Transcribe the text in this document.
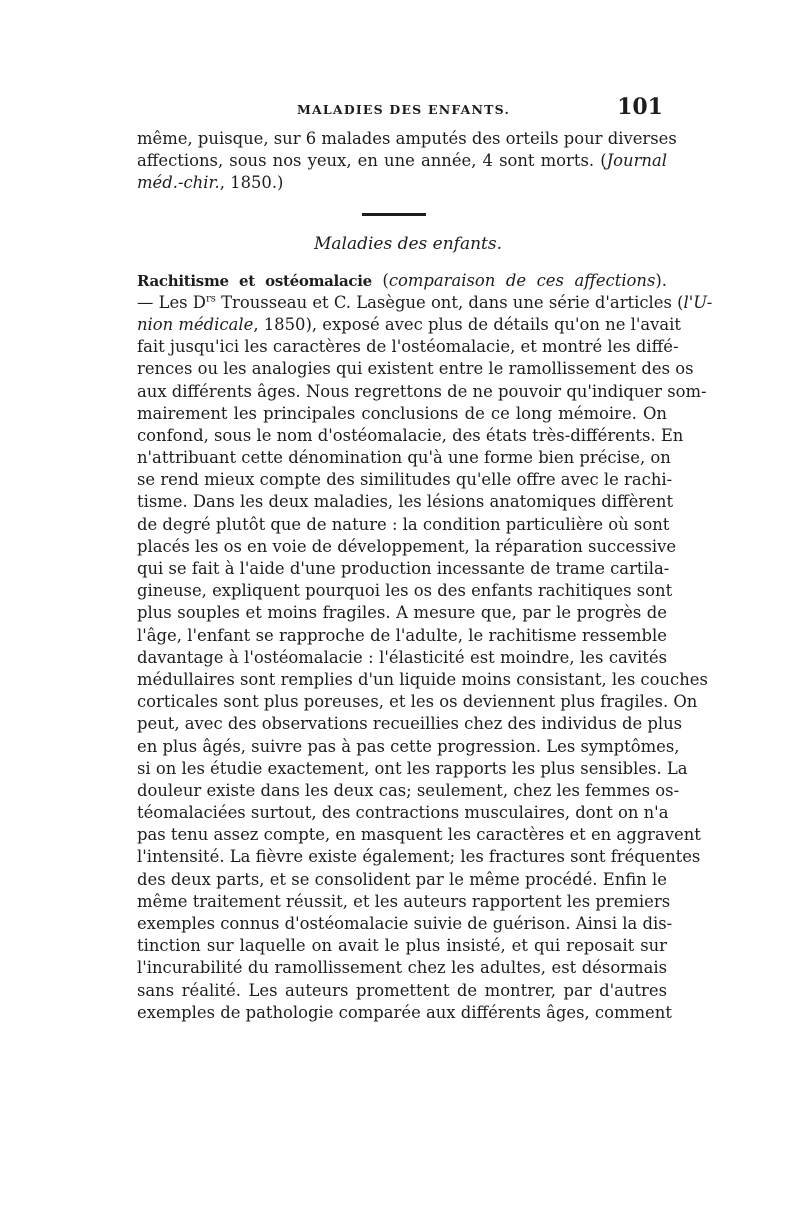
MALADIES DES ENFANTS.	101
même, puisque, sur 6 malades amputés des orteils pour diverses
affections, sous nos yeux, en une année, 4 sont morts. (Journal
méd.-chir., 1850.)
Maladies des enfants.
Rachitisme et ostéomalacie (comparaison de ces affections).
— Les $D^{rs}$ Trousseau et C. Lasègue ont, dans une série d'articles (l'U-
nion médicale, 1850), exposé avec plus de détails qu'on ne l'avait
fait jusqu'ici les caractères de l'ostéomalacie, et montré les diffé-
rences ou les analogies qui existent entre le ramollissement des os
aux différents âges. Nous regrettons de ne pouvoir qu'indiquer som-
mairement les principales conclusions de ce long mémoire. On
confond, sous le nom d'ostéomalacie, des états très-différents. En
n'attribuant cette dénomination qu'à une forme bien précise, on
se rend mieux compte des similitudes qu'elle offre avec le rachi-
tisme. Dans les deux maladies, les lésions anatomiques diffèrent
de degré plutôt que de nature : la condition particulière où sont
placés les os en voie de développement, la réparation successive
qui se fait à l'aide d'une production incessante de trame cartila-
gineuse, expliquent pourquoi les os des enfants rachitiques sont
plus souples et moins fragiles. A mesure que, par le progrès de
l'âge, l'enfant se rapproche de l'adulte, le rachitisme ressemble
davantage à l'ostéomalacie : l'élasticité est moindre, les cavités
médullaires sont remplies d'un liquide moins consistant, les couches
corticales sont plus poreuses, et les os deviennent plus fragiles. On
peut, avec des observations recueillies chez des individus de plus
en plus âgés, suivre pas à pas cette progression. Les symptômes,
si on les étudie exactement, ont les rapports les plus sensibles. La
douleur existe dans les deux cas; seulement, chez les femmes os-
téomalaciées surtout, des contractions musculaires, dont on n'a
pas tenu assez compte, en masquent les caractères et en aggravent
l'intensité. La fièvre existe également; les fractures sont fréquentes
des deux parts, et se consolident par le même procédé. Enfin le
même traitement réussit, et les auteurs rapportent les premiers
exemples connus d'ostéomalacie suivie de guérison. Ainsi la dis-
tinction sur laquelle on avait le plus insisté, et qui reposait sur
l'incurabilité du ramollissement chez les adultes, est désormais
sans réalité. Les auteurs promettent de montrer, par d'autres
exemples de pathologie comparée aux différents âges, comment
